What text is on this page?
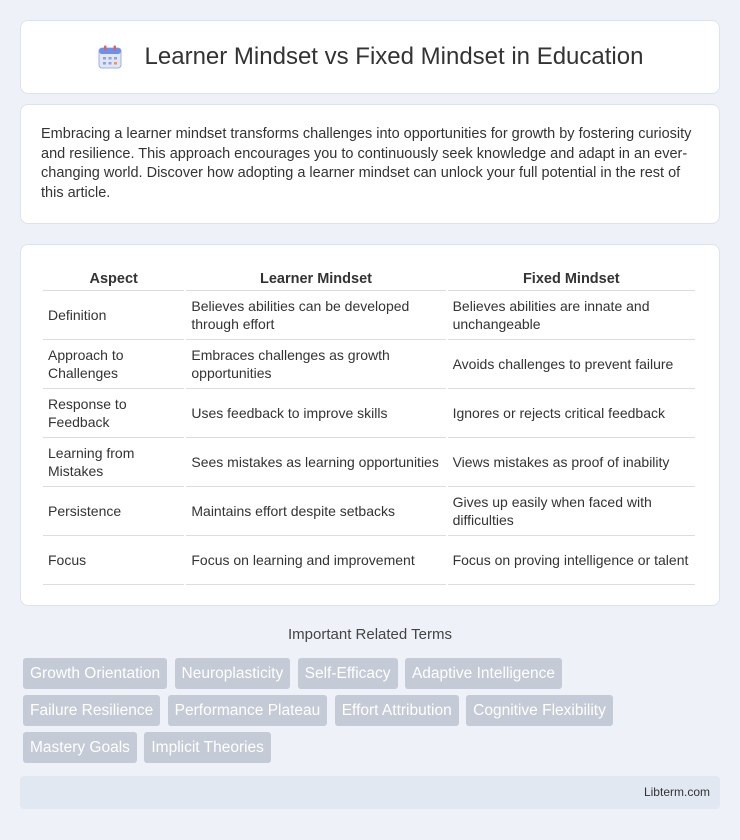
Learner Mindset vs Fixed Mindset in Education

Embracing a learner mindset transforms challenges into opportunities for growth by fostering curiosity and resilience. This approach encourages you to continuously seek knowledge and adapt in an ever-changing world. Discover how adopting a learner mindset can unlock your full potential in the rest of this article.

Aspect	Learner Mindset	Fixed Mindset
Definition	Believes abilities can be developed through effort	Believes abilities are innate and unchangeable
Approach to Challenges	Embraces challenges as growth opportunities	Avoids challenges to prevent failure
Response to Feedback	Uses feedback to improve skills	Ignores or rejects critical feedback
Learning from Mistakes	Sees mistakes as learning opportunities	Views mistakes as proof of inability
Persistence	Maintains effort despite setbacks	Gives up easily when faced with difficulties
Focus	Focus on learning and improvement	Focus on proving intelligence or talent
Important Related Terms
Growth Orientation Neuroplasticity Self-Efficacy Adaptive Intelligence
Failure Resilience Performance Plateau Effort Attribution Cognitive Flexibility
Mastery Goals Implicit Theories
Libterm.com
